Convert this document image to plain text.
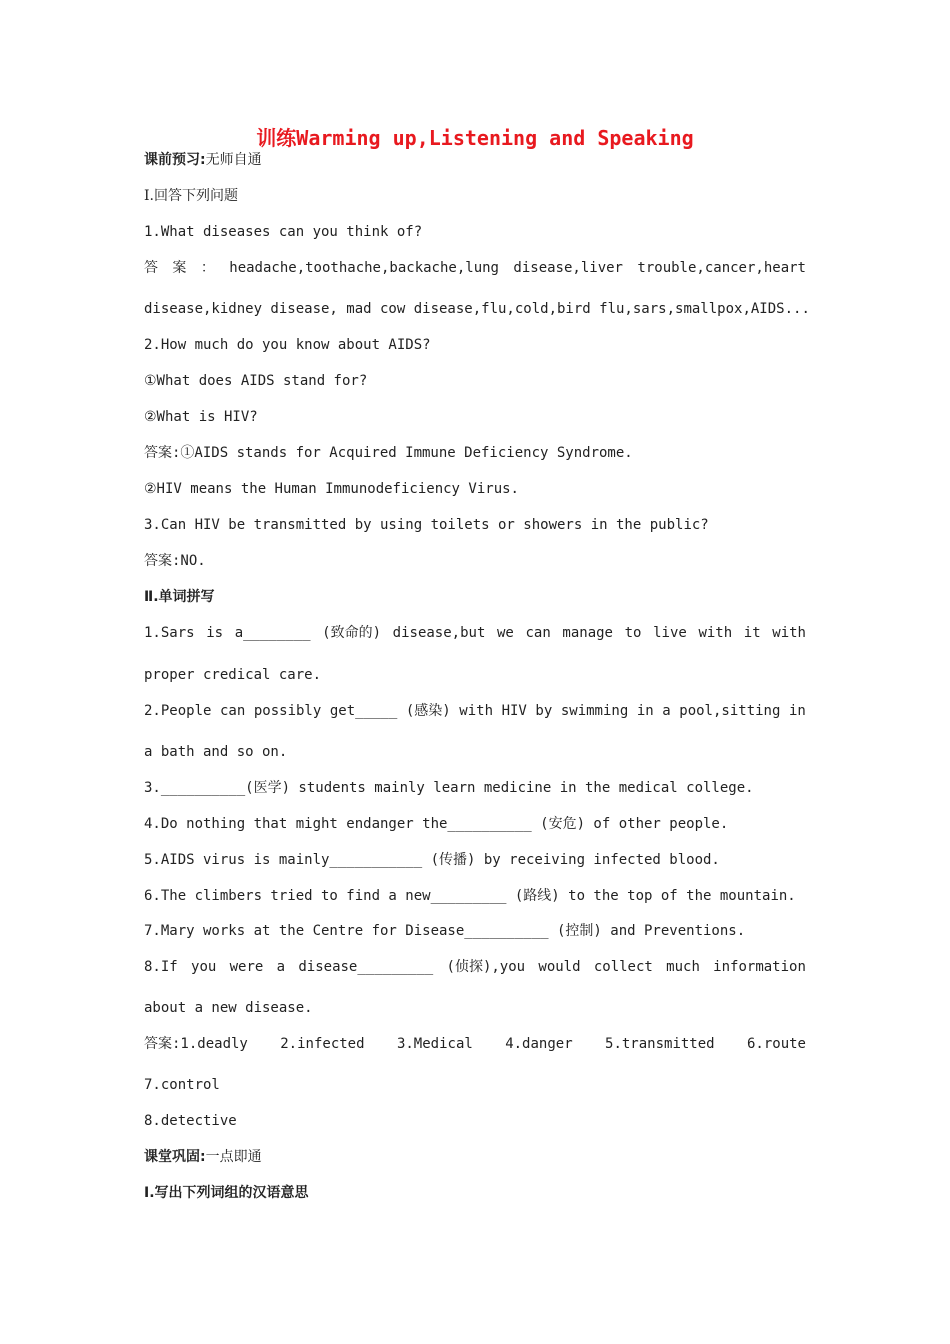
训练Warming up,Listening and Speaking
课前预习:无师自通
Ⅰ.回答下列问题
1.What diseases can you think of?
答 案 ： headache,toothache,backache,lung disease,liver trouble,cancer,heart
disease,kidney disease, mad cow disease,flu,cold,bird flu,sars,smallpox,AIDS...
2.How much do you know about AIDS?
①What does AIDS stand for?
②What is HIV?
答案:①AIDS stands for Acquired Immune Deficiency Syndrome.
②HIV means the Human Immunodeficiency Virus.
3.Can HIV be transmitted by using toilets or showers in the public?
答案:NO.
Ⅱ.单词拼写
1.Sars is a________ (致命的) disease,but we can manage to live with it with
proper credical care.
2.People can possibly get_____ (感染) with HIV by swimming in a pool,sitting in
a bath and so on.
3.__________(医学) students mainly learn medicine in the medical college.
4.Do nothing that might endanger the__________ (安危) of other people.
5.AIDS virus is mainly___________ (传播) by receiving infected blood.
6.The climbers tried to find a new_________ (路线) to the top of the mountain.
7.Mary works at the Centre for Disease__________ (控制) and Preventions.
8.If you were a disease_________ (侦探),you would collect much information
about a new disease.
答案:1.deadly 2.infected 3.Medical 4.danger 5.transmitted 6.route
7.control
8.detective
课堂巩固:一点即通
Ⅰ.写出下列词组的汉语意思
